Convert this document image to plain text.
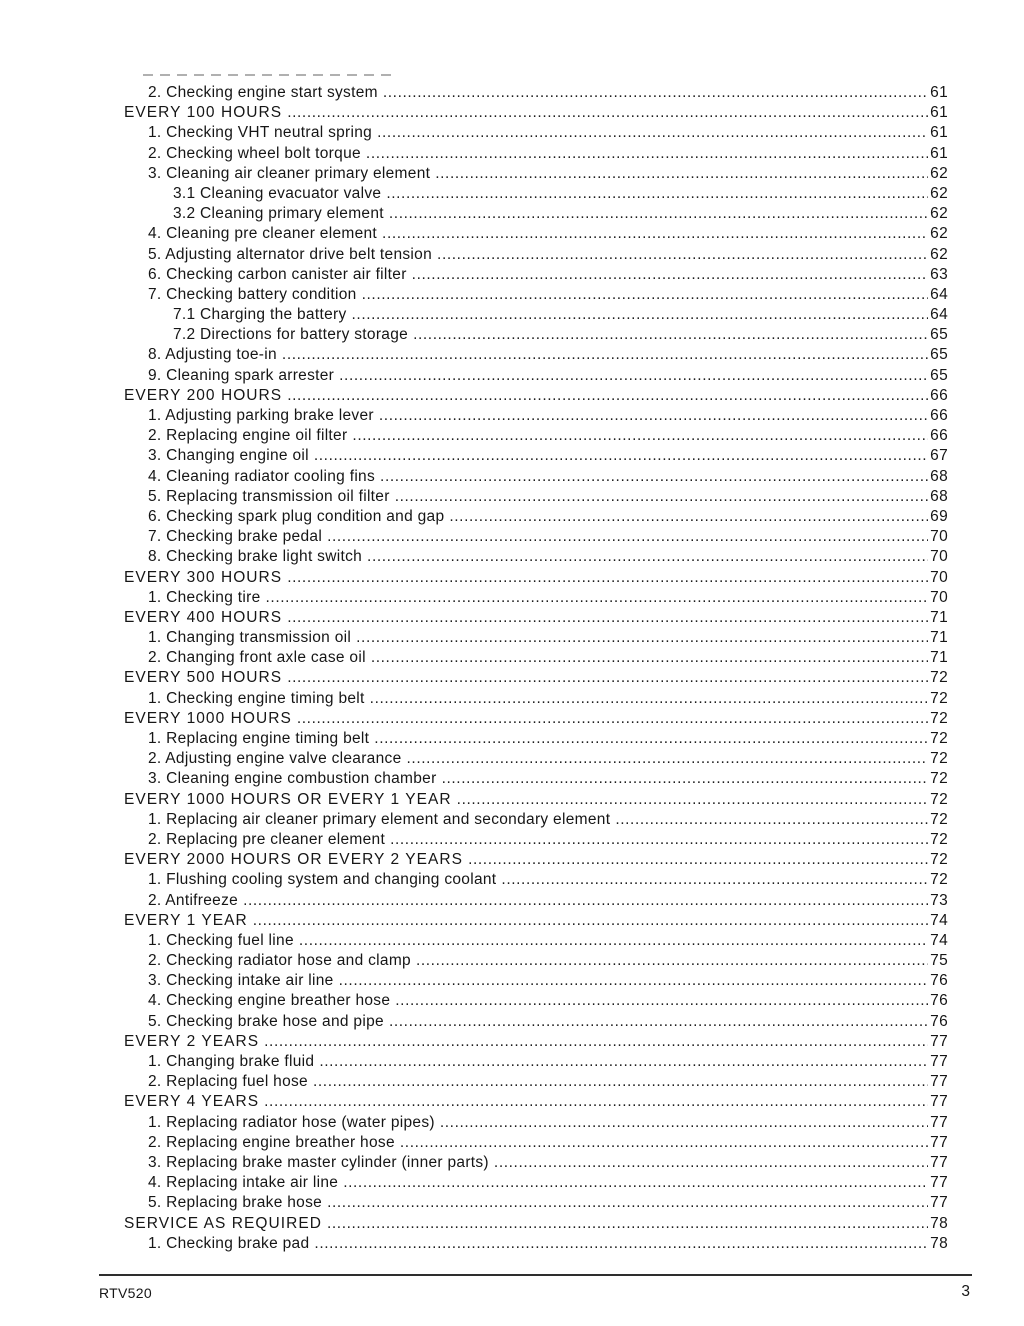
2. Checking engine start system .....	61
EVERY 100 HOURS .....	61
1. Checking VHT neutral spring .....	61
2. Checking wheel bolt torque .....	61
3. Cleaning air cleaner primary element .....	62
3.1 Cleaning evacuator valve .....	62
3.2 Cleaning primary element .....	62
4. Cleaning pre cleaner element .....	62
5. Adjusting alternator drive belt tension .....	62
6. Checking carbon canister air filter .....	63
7. Checking battery condition .....	64
7.1 Charging the battery .....	64
7.2 Directions for battery storage .....	65
8. Adjusting toe-in .....	65
9. Cleaning spark arrester .....	65
EVERY 200 HOURS .....	66
1. Adjusting parking brake lever .....	66
2. Replacing engine oil filter .....	66
3. Changing engine oil .....	67
4. Cleaning radiator cooling fins .....	68
5. Replacing transmission oil filter .....	68
6. Checking spark plug condition and gap .....	69
7. Checking brake pedal .....	70
8. Checking brake light switch .....	70
EVERY 300 HOURS .....	70
1. Checking tire .....	70
EVERY 400 HOURS .....	71
1. Changing transmission oil .....	71
2. Changing front axle case oil .....	71
EVERY 500 HOURS .....	72
1. Checking engine timing belt .....	72
EVERY 1000 HOURS .....	72
1. Replacing engine timing belt .....	72
2. Adjusting engine valve clearance .....	72
3. Cleaning engine combustion chamber .....	72
EVERY 1000 HOURS OR EVERY 1 YEAR .....	72
1. Replacing air cleaner primary element and secondary element .....	72
2. Replacing pre cleaner element .....	72
EVERY 2000 HOURS OR EVERY 2 YEARS .....	72
1. Flushing cooling system and changing coolant .....	72
2. Antifreeze .....	73
EVERY 1 YEAR .....	74
1. Checking fuel line .....	74
2. Checking radiator hose and clamp .....	75
3. Checking intake air line .....	76
4. Checking engine breather hose .....	76
5. Checking brake hose and pipe .....	76
EVERY 2 YEARS .....	77
1. Changing brake fluid .....	77
2. Replacing fuel hose .....	77
EVERY 4 YEARS .....	77
1. Replacing radiator hose (water pipes) .....	77
2. Replacing engine breather hose .....	77
3. Replacing brake master cylinder (inner parts) .....	77
4. Replacing intake air line .....	77
5. Replacing brake hose .....	77
SERVICE AS REQUIRED .....	78
1. Checking brake pad .....	78
RTV520	3
